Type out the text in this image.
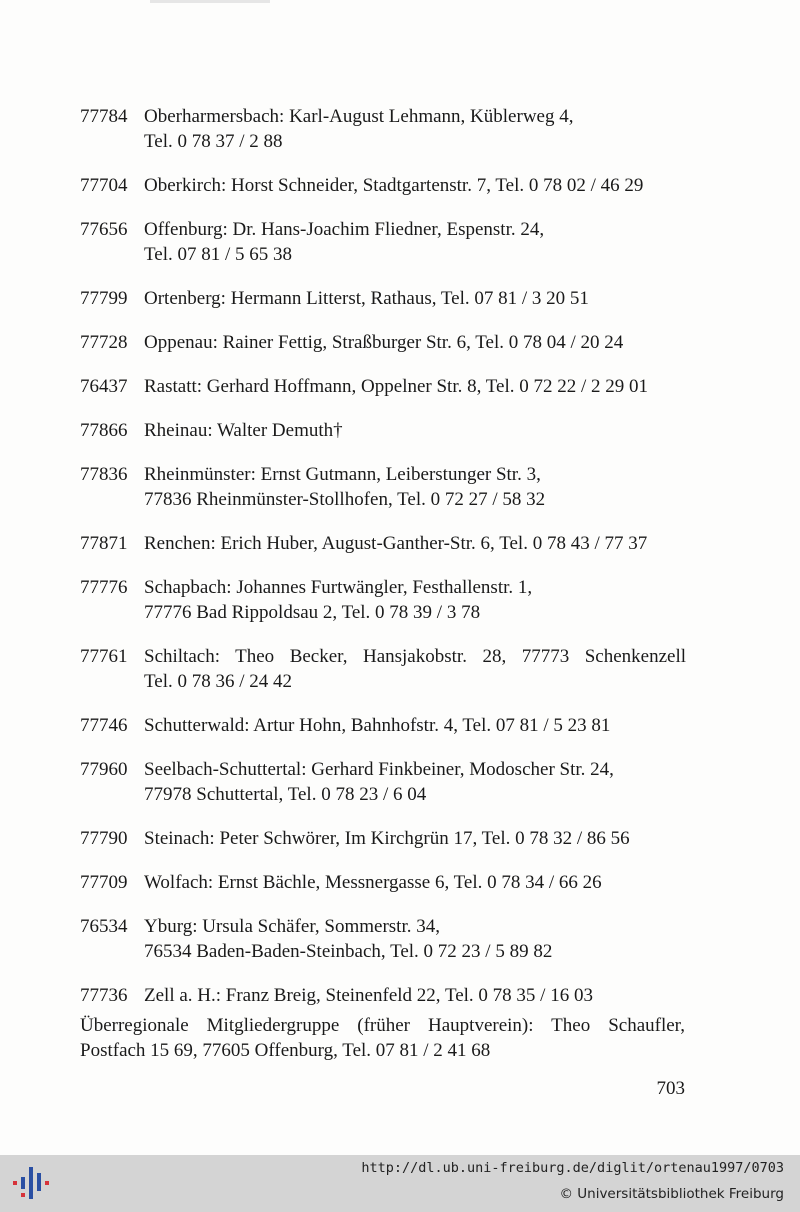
77784 Oberharmersbach: Karl-August Lehmann, Küblerweg 4,
Tel. 0 78 37 / 2 88
77704 Oberkirch: Horst Schneider, Stadtgartenstr. 7, Tel. 0 78 02 / 46 29
77656 Offenburg: Dr. Hans-Joachim Fliedner, Espenstr. 24,
Tel. 07 81 / 5 65 38
77799 Ortenberg: Hermann Litterst, Rathaus, Tel. 07 81 / 3 20 51
77728 Oppenau: Rainer Fettig, Straßburger Str. 6, Tel. 0 78 04 / 20 24
76437 Rastatt: Gerhard Hoffmann, Oppelner Str. 8, Tel. 0 72 22 / 2 29 01
77866 Rheinau: Walter Demuth†
77836 Rheinmünster: Ernst Gutmann, Leiberstunger Str. 3,
77836 Rheinmünster-Stollhofen, Tel. 0 72 27 / 58 32
77871 Renchen: Erich Huber, August-Ganther-Str. 6, Tel. 0 78 43 / 77 37
77776 Schapbach: Johannes Furtwängler, Festhallenstr. 1,
77776 Bad Rippoldsau 2, Tel. 0 78 39 / 3 78
77761 Schiltach: Theo Becker, Hansjakobstr. 28, 77773 Schenkenzell
Tel. 0 78 36 / 24 42
77746 Schutterwald: Artur Hohn, Bahnhofstr. 4, Tel. 07 81 / 5 23 81
77960 Seelbach-Schuttertal: Gerhard Finkbeiner, Modoscher Str. 24,
77978 Schuttertal, Tel. 0 78 23 / 6 04
77790 Steinach: Peter Schwörer, Im Kirchgrün 17, Tel. 0 78 32 / 86 56
77709 Wolfach: Ernst Bächle, Messnergasse 6, Tel. 0 78 34 / 66 26
76534 Yburg: Ursula Schäfer, Sommerstr. 34,
76534 Baden-Baden-Steinbach, Tel. 0 72 23 / 5 89 82
77736 Zell a. H.: Franz Breig, Steinenfeld 22, Tel. 0 78 35 / 16 03
Überregionale Mitgliedergruppe (früher Hauptverein): Theo Schaufler,
Postfach 15 69, 77605 Offenburg, Tel. 07 81 / 2 41 68
703
http://dl.ub.uni-freiburg.de/diglit/ortenau1997/0703
© Universitätsbibliothek Freiburg
